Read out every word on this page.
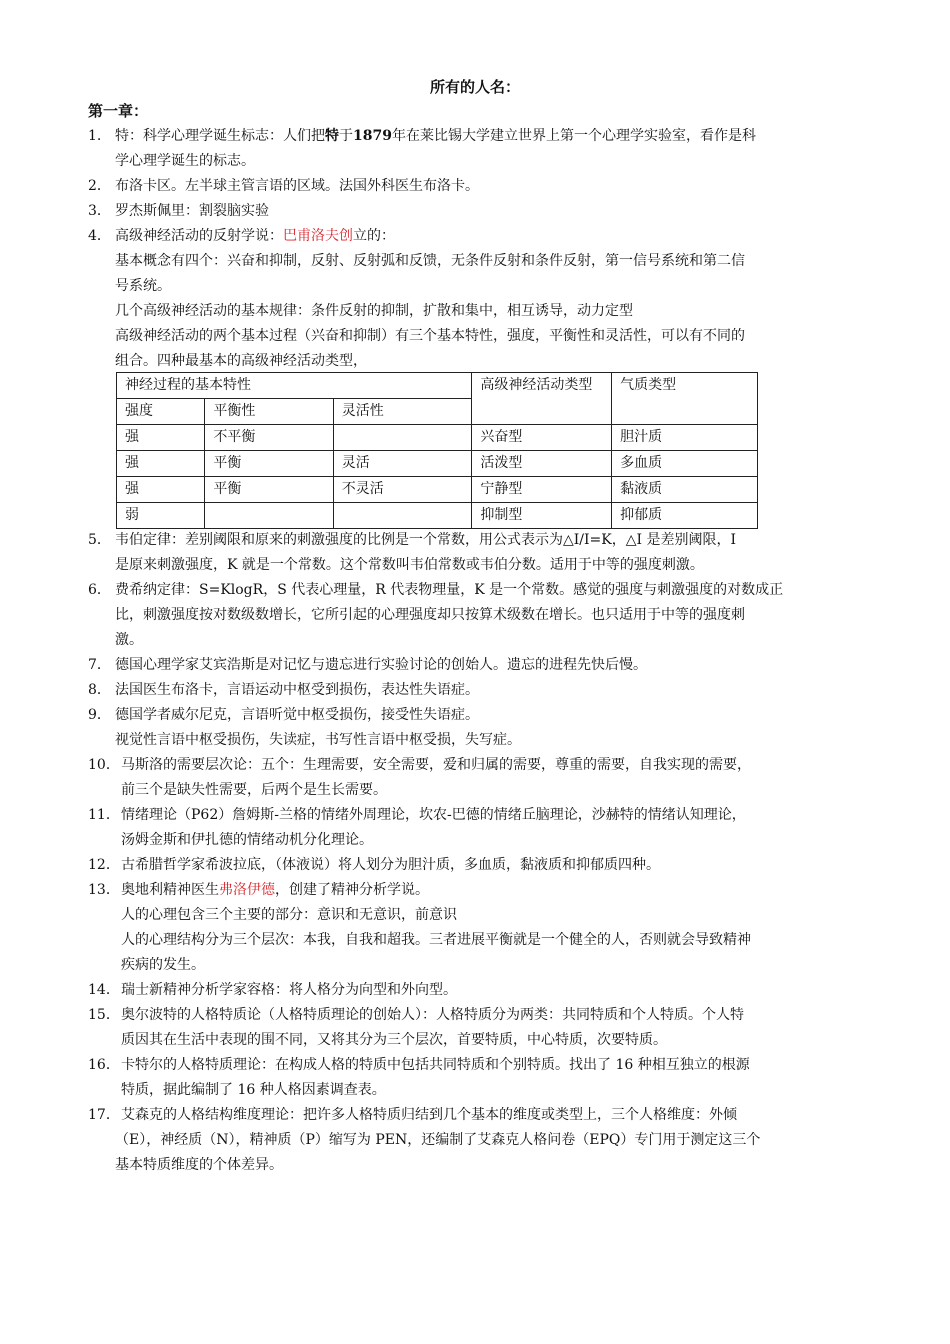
所有的人名：
第一章：
1. 特：科学心理学诞生标志：人们把特于1879年在莱比锡大学建立世界上第一个心理学实验室，看作是科
学心理学诞生的标志。
2． 布洛卡区。左半球主管言语的区域。法国外科医生布洛卡。
3． 罗杰斯佩里：割裂脑实验
4． 高级神经活动的反射学说：巴甫洛夫创立的：
基本概念有四个：兴奋和抑制，反射、反射弧和反馈，无条件反射和条件反射，第一信号系统和第二信
号系统。
几个高级神经活动的基本规律：条件反射的抑制，扩散和集中，相互诱导，动力定型
高级神经活动的两个基本过程（兴奋和抑制）有三个基本特性，强度，平衡性和灵活性，可以有不同的
组合。四种最基本的高级神经活动类型，
神经过程的基本特性			高级神经活动类型	气质类型
强度	平衡性	灵活性		
强	不平衡		兴奋型	胆汁质
强	平衡	灵活	活泼型	多血质
强	平衡	不灵活	宁静型	黏液质
弱			抑制型	抑郁质
5． 韦伯定律：差别阈限和原来的刺激强度的比例是一个常数，用公式表示为△I/I=K，△I 是差别阈限，I
是原来刺激强度，K 就是一个常数。这个常数叫韦伯常数或韦伯分数。适用于中等的强度刺激。
6． 费希纳定律：S=KlogR，S 代表心理量，R 代表物理量，K 是一个常数。感觉的强度与刺激强度的对数成正
比，刺激强度按对数级数增长，它所引起的心理强度却只按算术级数在增长。也只适用于中等的强度刺
激。
7． 德国心理学家艾宾浩斯是对记忆与遗忘进行实验讨论的创始人。遗忘的进程先快后慢。
8． 法国医生布洛卡，言语运动中枢受到损伤，表达性失语症。
9． 德国学者威尔尼克，言语听觉中枢受损伤，接受性失语症。
视觉性言语中枢受损伤，失读症，书写性言语中枢受损，失写症。
10．马斯洛的需要层次论：五个：生理需要，安全需要，爱和归属的需要，尊重的需要，自我实现的需要，
前三个是缺失性需要，后两个是生长需要。
11．情绪理论（P62）詹姆斯-兰格的情绪外周理论，坎农-巴德的情绪丘脑理论，沙赫特的情绪认知理论，
汤姆金斯和伊扎德的情绪动机分化理论。
12．古希腊哲学家希波拉底，（体液说）将人划分为胆汁质，多血质，黏液质和抑郁质四种。
13．奥地利精神医生弗洛伊德，创建了精神分析学说。
人的心理包含三个主要的部分：意识和无意识，前意识
人的心理结构分为三个层次：本我，自我和超我。三者进展平衡就是一个健全的人，否则就会导致精神
疾病的发生。
14．瑞士新精神分析学家容格：将人格分为向型和外向型。
15．奥尔波特的人格特质论（人格特质理论的创始人）：人格特质分为两类：共同特质和个人特质。个人特
质因其在生活中表现的围不同，又将其分为三个层次，首要特质，中心特质，次要特质。
16．卡特尔的人格特质理论：在构成人格的特质中包括共同特质和个别特质。找出了 16 种相互独立的根源
特质，据此编制了 16 种人格因素调查表。
17．艾森克的人格结构维度理论：把许多人格特质归结到几个基本的维度或类型上，三个人格维度：外倾
（E），神经质（N），精神质（P）缩写为 PEN，还编制了艾森克人格问卷（EPQ）专门用于测定这三个
基本特质维度的个体差异。
